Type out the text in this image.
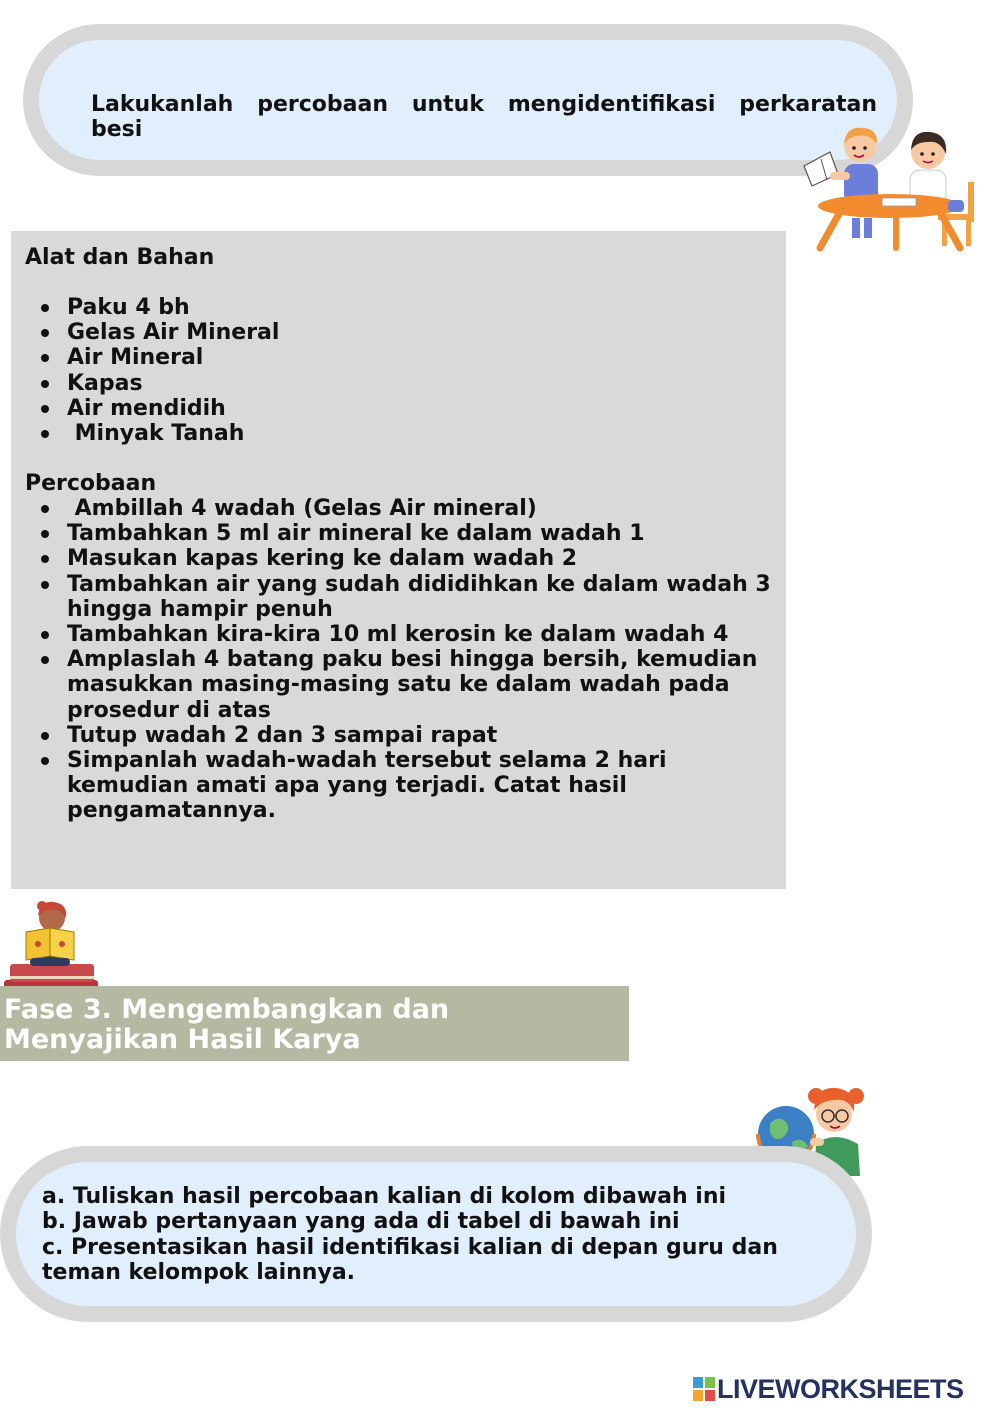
Lakukanlah percobaan untuk mengidentifikasi perkaratan besi

Alat dan Bahan
Paku 4 bh
Gelas Air Mineral
Air Mineral
Kapas
Air mendidih
Minyak Tanah
Percobaan
Ambillah 4 wadah (Gelas Air mineral)
Tambahkan 5 ml air mineral ke dalam wadah 1
Masukan kapas kering ke dalam wadah 2
Tambahkan air yang sudah dididihkan ke dalam wadah 3 hingga hampir penuh
Tambahkan kira-kira 10 ml kerosin ke dalam wadah 4
Amplaslah 4 batang paku besi hingga bersih, kemudian masukkan masing-masing satu ke dalam wadah pada prosedur di atas
Tutup wadah 2 dan 3 sampai rapat
Simpanlah wadah-wadah tersebut selama 2 hari kemudian amati apa yang terjadi. Catat hasil pengamatannya.
Fase 3. Mengembangkan dan Menyajikan Hasil Karya

a. Tuliskan hasil percobaan kalian di kolom dibawah ini

b. Jawab pertanyaan yang ada di tabel di bawah ini

c. Presentasikan hasil identifikasi kalian di depan guru dan teman kelompok lainnya.

LIVEWORKSHEETS
